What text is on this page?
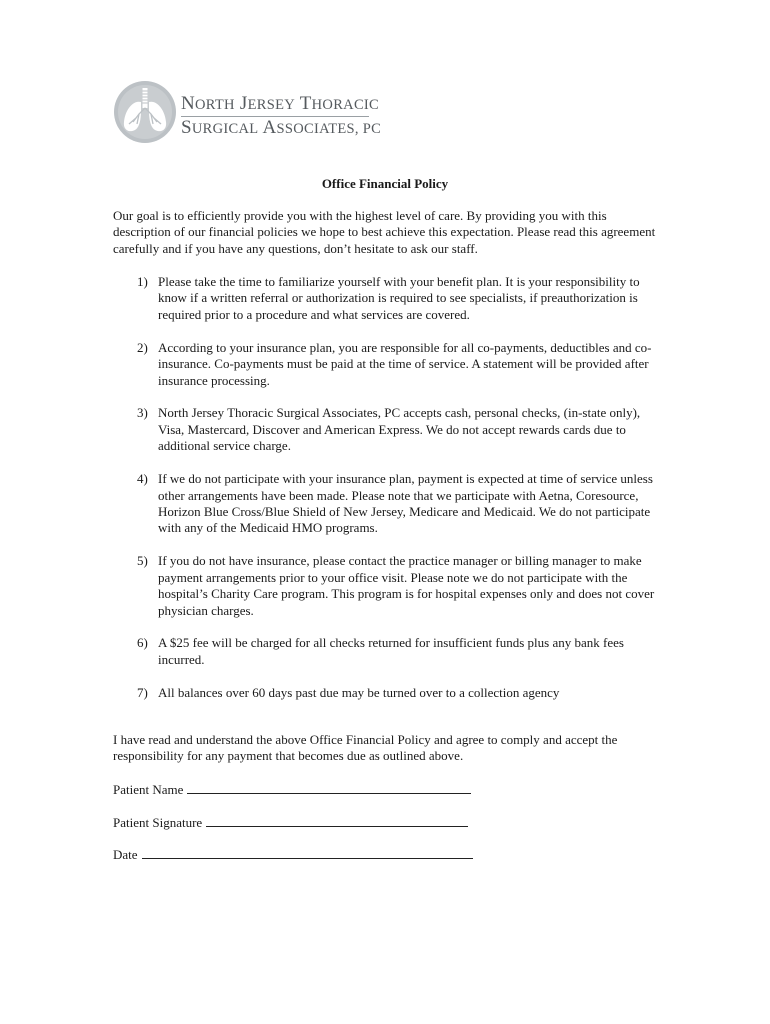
NORTH JERSEY THORACIC
SURGICAL ASSOCIATES, PC
Office Financial Policy
Our goal is to efficiently provide you with the highest level of care. By providing you with this description of our financial policies we hope to best achieve this expectation. Please read this agreement carefully and if you have any questions, don’t hesitate to ask our staff.
1) Please take the time to familiarize yourself with your benefit plan. It is your responsibility to know if a written referral or authorization is required to see specialists, if preauthorization is required prior to a procedure and what services are covered.
2) According to your insurance plan, you are responsible for all co-payments, deductibles and co-insurance. Co-payments must be paid at the time of service. A statement will be provided after insurance processing.
3) North Jersey Thoracic Surgical Associates, PC accepts cash, personal checks, (in-state only), Visa, Mastercard, Discover and American Express. We do not accept rewards cards due to additional service charge.
4) If we do not participate with your insurance plan, payment is expected at time of service unless other arrangements have been made. Please note that we participate with Aetna, Coresource, Horizon Blue Cross/Blue Shield of New Jersey, Medicare and Medicaid. We do not participate with any of the Medicaid HMO programs.
5) If you do not have insurance, please contact the practice manager or billing manager to make payment arrangements prior to your office visit. Please note we do not participate with the hospital’s Charity Care program. This program is for hospital expenses only and does not cover physician charges.
6) A $25 fee will be charged for all checks returned for insufficient funds plus any bank fees incurred.
7) All balances over 60 days past due may be turned over to a collection agency
I have read and understand the above Office Financial Policy and agree to comply and accept the responsibility for any payment that becomes due as outlined above.
Patient Name
Patient Signature
Date
